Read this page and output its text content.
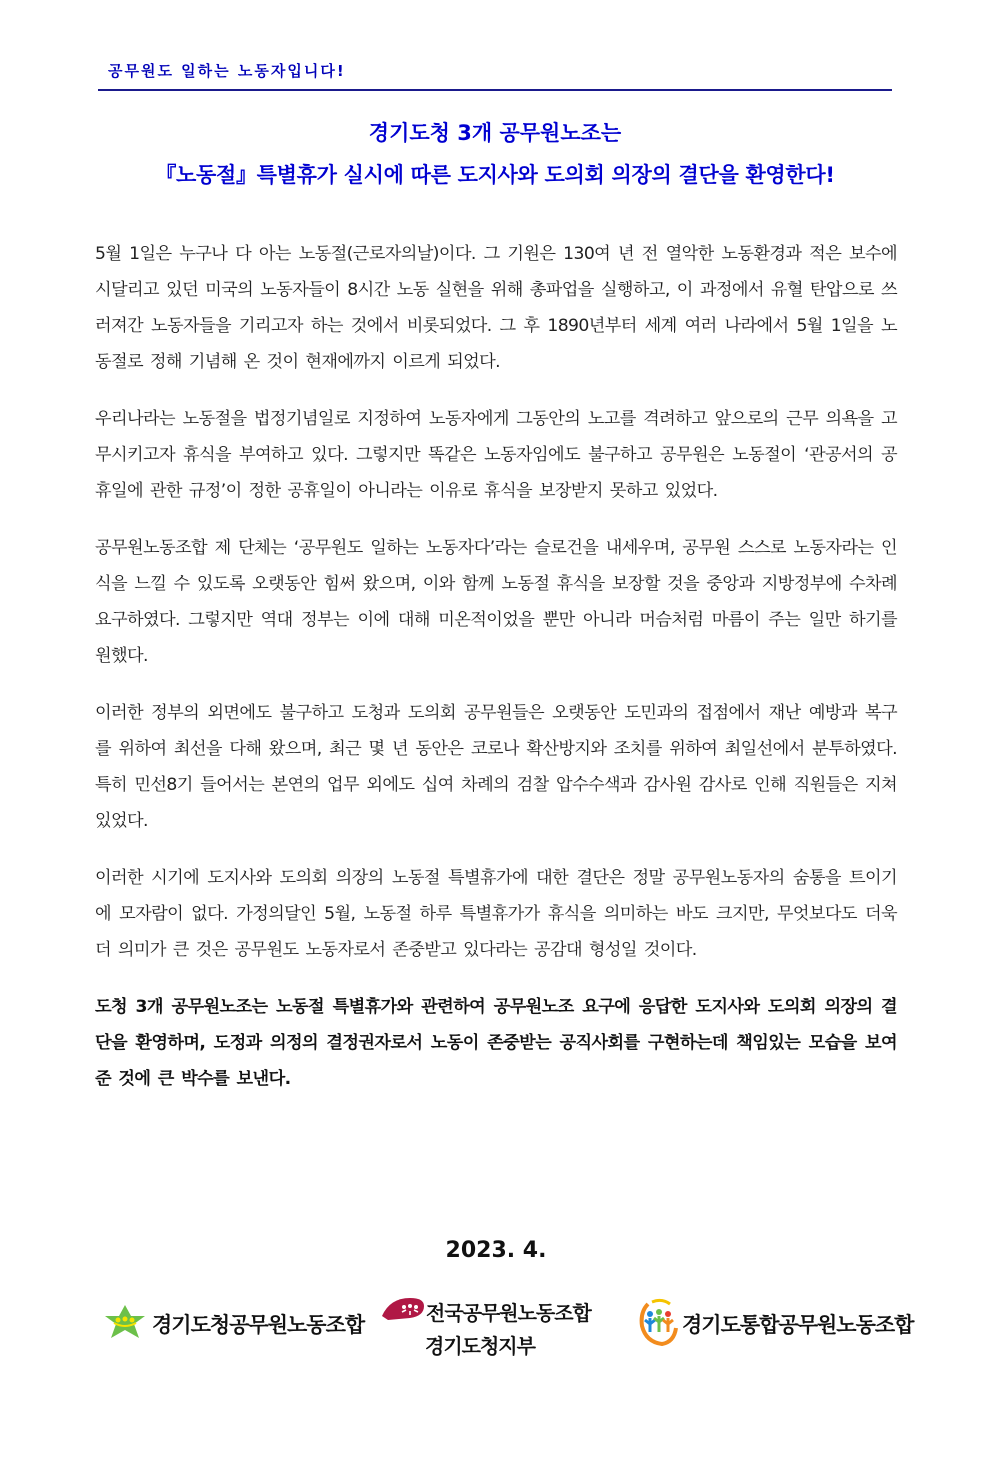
공무원도 일하는 노동자입니다!
경기도청 3개 공무원노조는
『노동절』특별휴가 실시에 따른 도지사와 도의회 의장의 결단을 환영한다!

5월 1일은 누구나 다 아는 노동절(근로자의날)이다. 그 기원은 130여 년 전 열악한 노동환경과 적은 보수에 시달리고 있던 미국의 노동자들이 8시간 노동 실현을 위해 총파업을 실행하고, 이 과정에서 유혈 탄압으로 쓰러져간 노동자들을 기리고자 하는 것에서 비롯되었다. 그 후 1890년부터 세계 여러 나라에서 5월 1일을 노동절로 정해 기념해 온 것이 현재에까지 이르게 되었다.

우리나라는 노동절을 법정기념일로 지정하여 노동자에게 그동안의 노고를 격려하고 앞으로의 근무 의욕을 고무시키고자 휴식을 부여하고 있다. 그렇지만 똑같은 노동자임에도 불구하고 공무원은 노동절이 ‘관공서의 공휴일에 관한 규정’이 정한 공휴일이 아니라는 이유로 휴식을 보장받지 못하고 있었다.

공무원노동조합 제 단체는 ‘공무원도 일하는 노동자다’라는 슬로건을 내세우며, 공무원 스스로 노동자라는 인식을 느낄 수 있도록 오랫동안 힘써 왔으며, 이와 함께 노동절 휴식을 보장할 것을 중앙과 지방정부에 수차례 요구하였다. 그렇지만 역대 정부는 이에 대해 미온적이었을 뿐만 아니라 머슴처럼 마름이 주는 일만 하기를 원했다.

이러한 정부의 외면에도 불구하고 도청과 도의회 공무원들은 오랫동안 도민과의 접점에서 재난 예방과 복구를 위하여 최선을 다해 왔으며, 최근 몇 년 동안은 코로나 확산방지와 조치를 위하여 최일선에서 분투하였다. 특히 민선8기 들어서는 본연의 업무 외에도 십여 차례의 검찰 압수수색과 감사원 감사로 인해 직원들은 지쳐있었다.

이러한 시기에 도지사와 도의회 의장의 노동절 특별휴가에 대한 결단은 정말 공무원노동자의 숨통을 트이기에 모자람이 없다. 가정의달인 5월, 노동절 하루 특별휴가가 휴식을 의미하는 바도 크지만, 무엇보다도 더욱더 의미가 큰 것은 공무원도 노동자로서 존중받고 있다라는 공감대 형성일 것이다.

도청 3개 공무원노조는 노동절 특별휴가와 관련하여 공무원노조 요구에 응답한 도지사와 도의회 의장의 결단을 환영하며, 도정과 의정의 결정권자로서 노동이 존중받는 공직사회를 구현하는데 책임있는 모습을 보여준 것에 큰 박수를 보낸다.

2023. 4.
경기도청공무원노동조합
전국공무원노동조합
경기도청지부
경기도통합공무원노동조합
